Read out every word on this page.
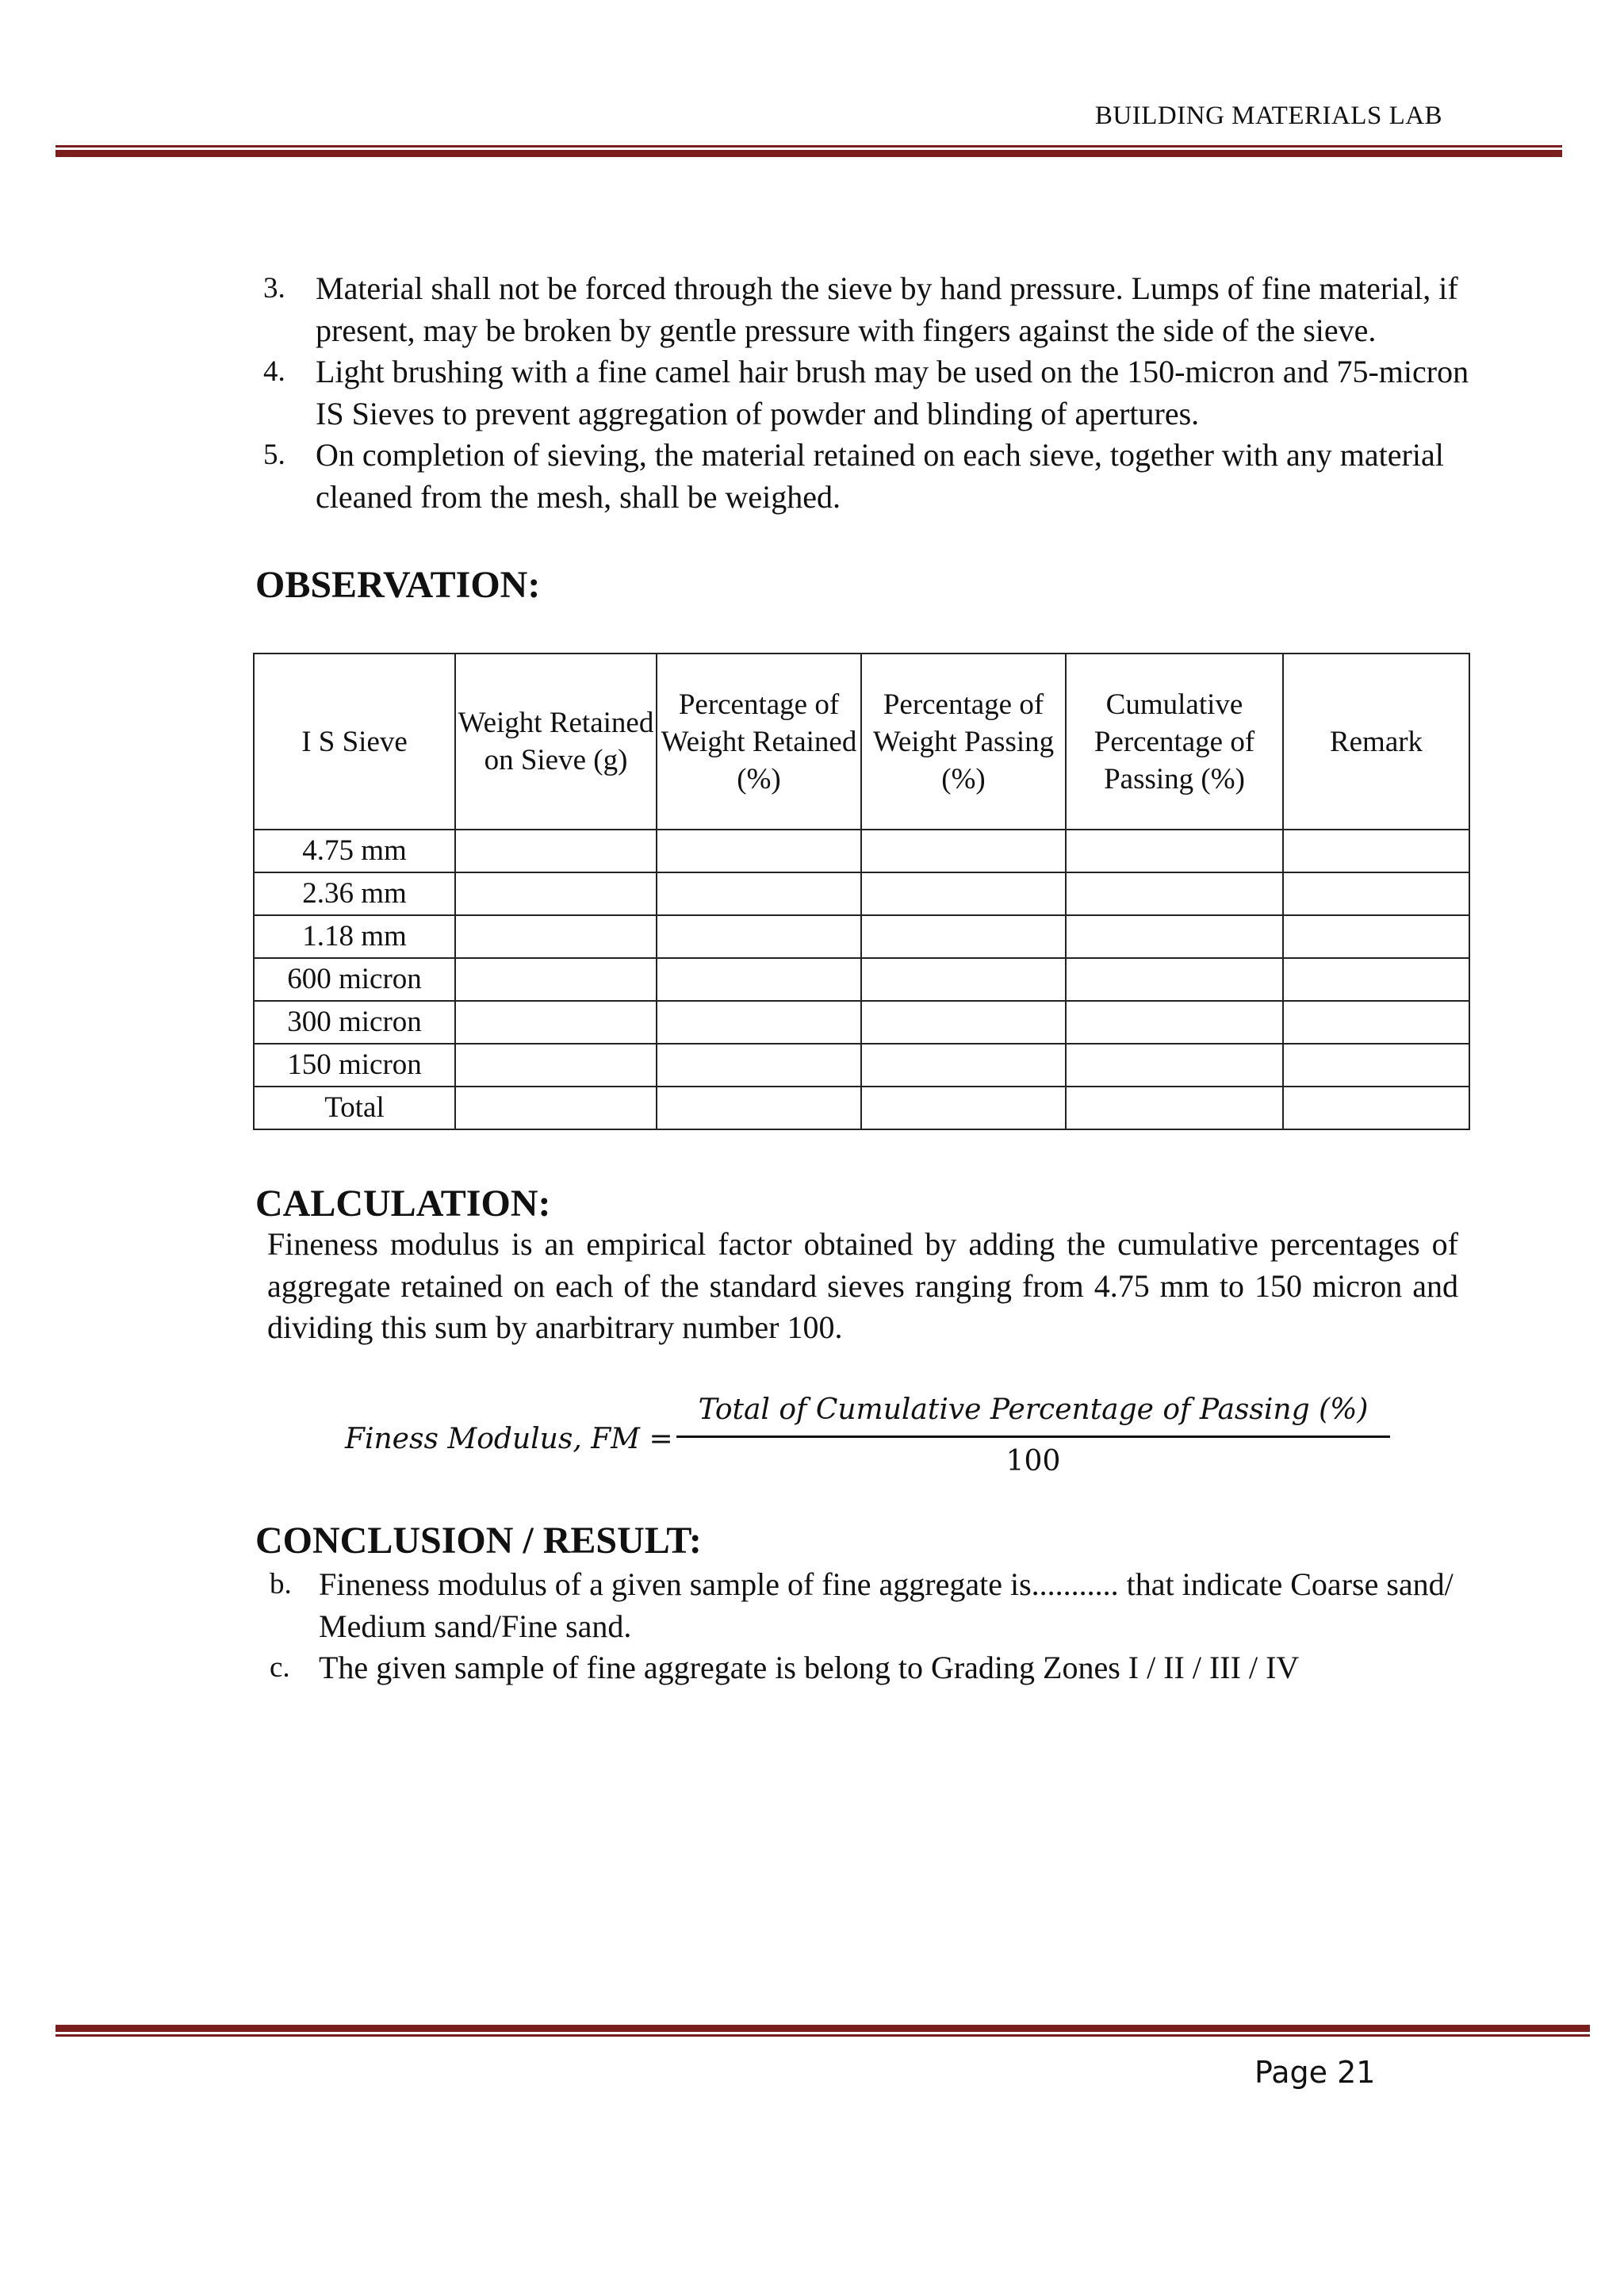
BUILDING MATERIALS LAB
3. Material shall not be forced through the sieve by hand pressure. Lumps of fine material, if present, may be broken by gentle pressure with fingers against the side of the sieve.
4. Light brushing with a fine camel hair brush may be used on the 150-micron and 75-micron IS Sieves to prevent aggregation of powder and blinding of apertures.
5. On completion of sieving, the material retained on each sieve, together with any material cleaned from the mesh, shall be weighed.
OBSERVATION:
I S Sieve	Weight Retained on Sieve (g)	Percentage of Weight Retained (%)	Percentage of Weight Passing (%)	Cumulative Percentage of Passing (%)	Remark
4.75 mm					
2.36 mm					
1.18 mm					
600 micron					
300 micron					
150 micron					
Total					
CALCULATION:

Fineness modulus is an empirical factor obtained by adding the cumulative percentages of aggregate retained on each of the standard sieves ranging from 4.75 mm to 150 micron and dividing this sum by anarbitrary number 100.

Finess Modulus, FM =
Total of Cumulative Percentage of Passing (%)
100
CONCLUSION / RESULT:
b. Fineness modulus of a given sample of fine aggregate is........... that indicate Coarse sand/ Medium sand/Fine sand.
c. The given sample of fine aggregate is belong to Grading Zones I / II / III / IV
Page 21
